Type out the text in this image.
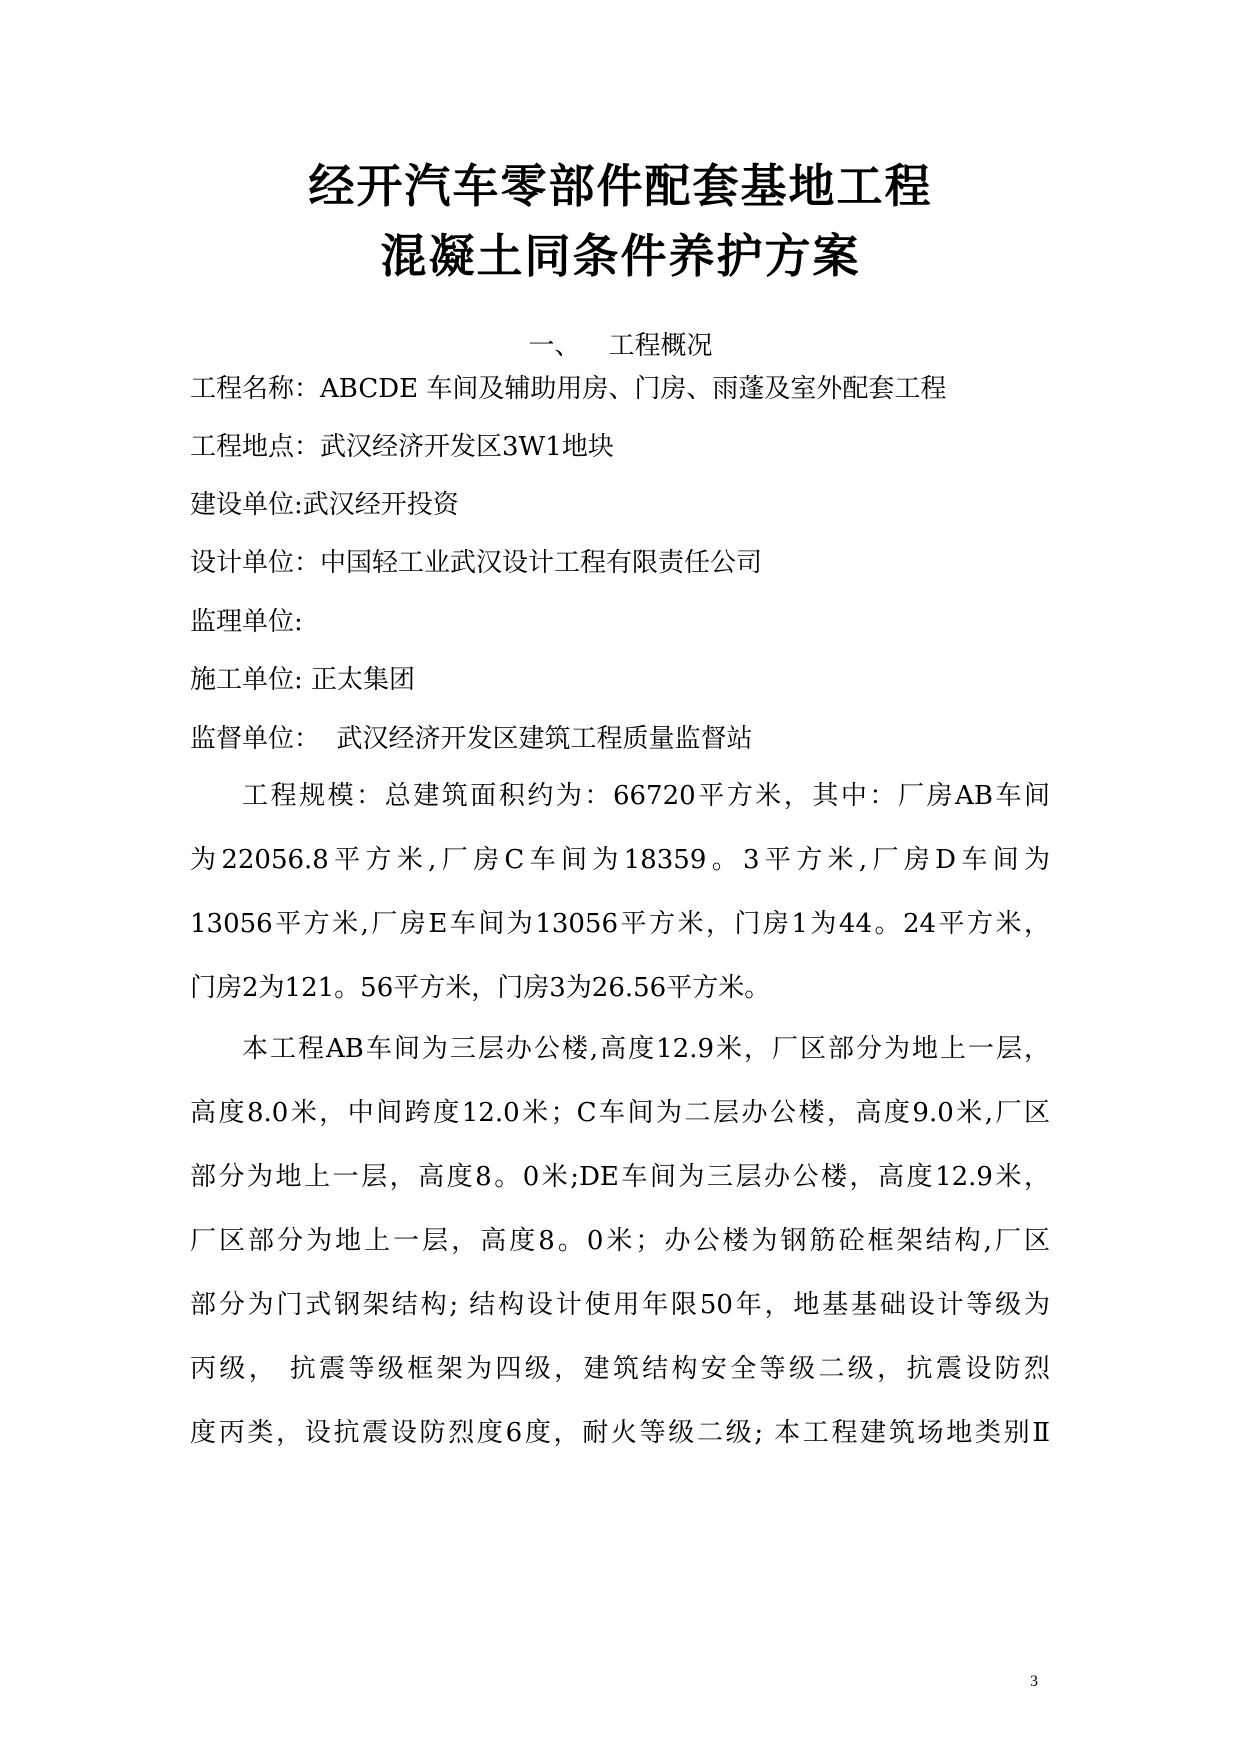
经开汽车零部件配套基地工程
混凝土同条件养护方案
一、 工程概况
工程名称：ABCDE 车间及辅助用房、门房、雨蓬及室外配套工程
工程地点：武汉经济开发区3W1地块
建设单位:武汉经开投资
设计单位：中国轻工业武汉设计工程有限责任公司
监理单位:
施工单位: 正太集团
监督单位：  武汉经济开发区建筑工程质量监督站
工程规模：总建筑面积约为：66720平方米，其中：厂房AB车间
为22056.8平方米,厂房C车间为18359。3平方米,厂房D车间为
13056平方米,厂房E车间为13056平方米，门房1为44。24平方米，
门房2为121。56平方米，门房3为26.56平方米。
本工程AB车间为三层办公楼,高度12.9米，厂区部分为地上一层，
高度8.0米，中间跨度12.0米；C车间为二层办公楼，高度9.0米,厂区
部分为地上一层，高度8。0米;DE车间为三层办公楼，高度12.9米，
厂区部分为地上一层，高度8。0米；办公楼为钢筋砼框架结构,厂区
部分为门式钢架结构; 结构设计使用年限50年，地基基础设计等级为
丙级， 抗震等级框架为四级，建筑结构安全等级二级，抗震设防烈
度丙类，设抗震设防烈度6度，耐火等级二级; 本工程建筑场地类别Ⅱ
3
